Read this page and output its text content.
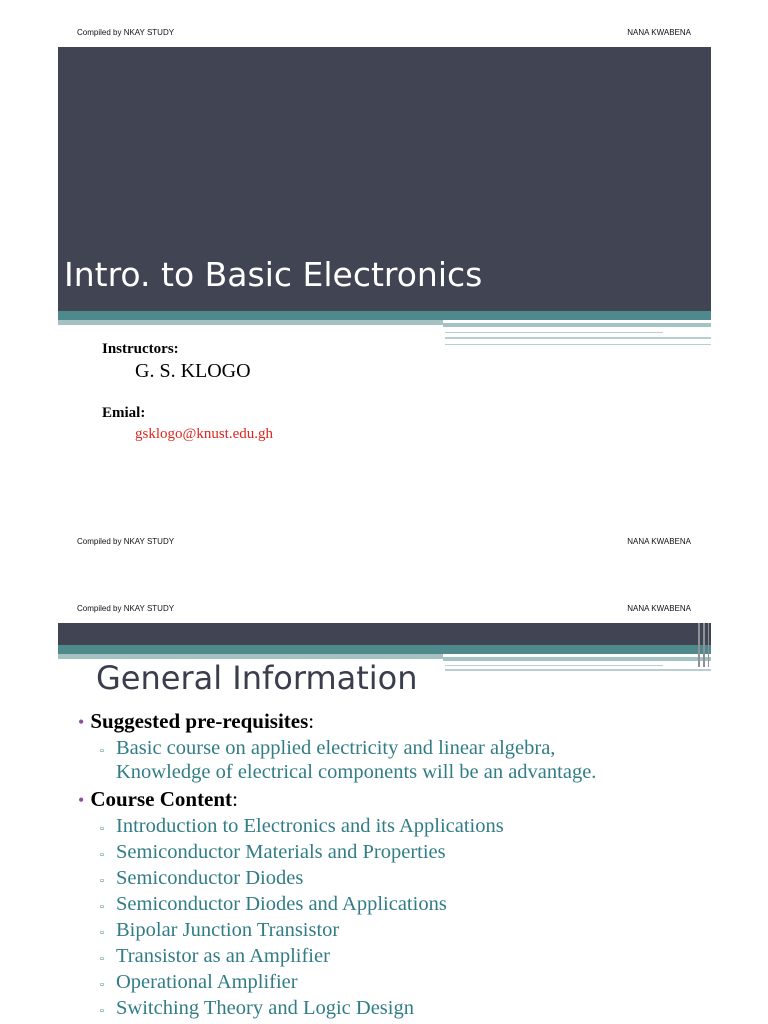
Compiled by NKAY STUDY	NANA KWABENA
Intro. to Basic Electronics
Instructors:
G. S. KLOGO
Emial:
gsklogo@knust.edu.gh
Compiled by NKAY STUDY	NANA KWABENA
Compiled by NKAY STUDY	NANA KWABENA
General Information
• Suggested pre-requisites:
▫ Basic course on applied electricity and linear algebra,
Knowledge of electrical components will be an advantage.
• Course Content:
▫ Introduction to Electronics and its Applications
▫ Semiconductor Materials and Properties
▫ Semiconductor Diodes
▫ Semiconductor Diodes and Applications
▫ Bipolar Junction Transistor
▫ Transistor as an Amplifier
▫ Operational Amplifier
▫ Switching Theory and Logic Design
